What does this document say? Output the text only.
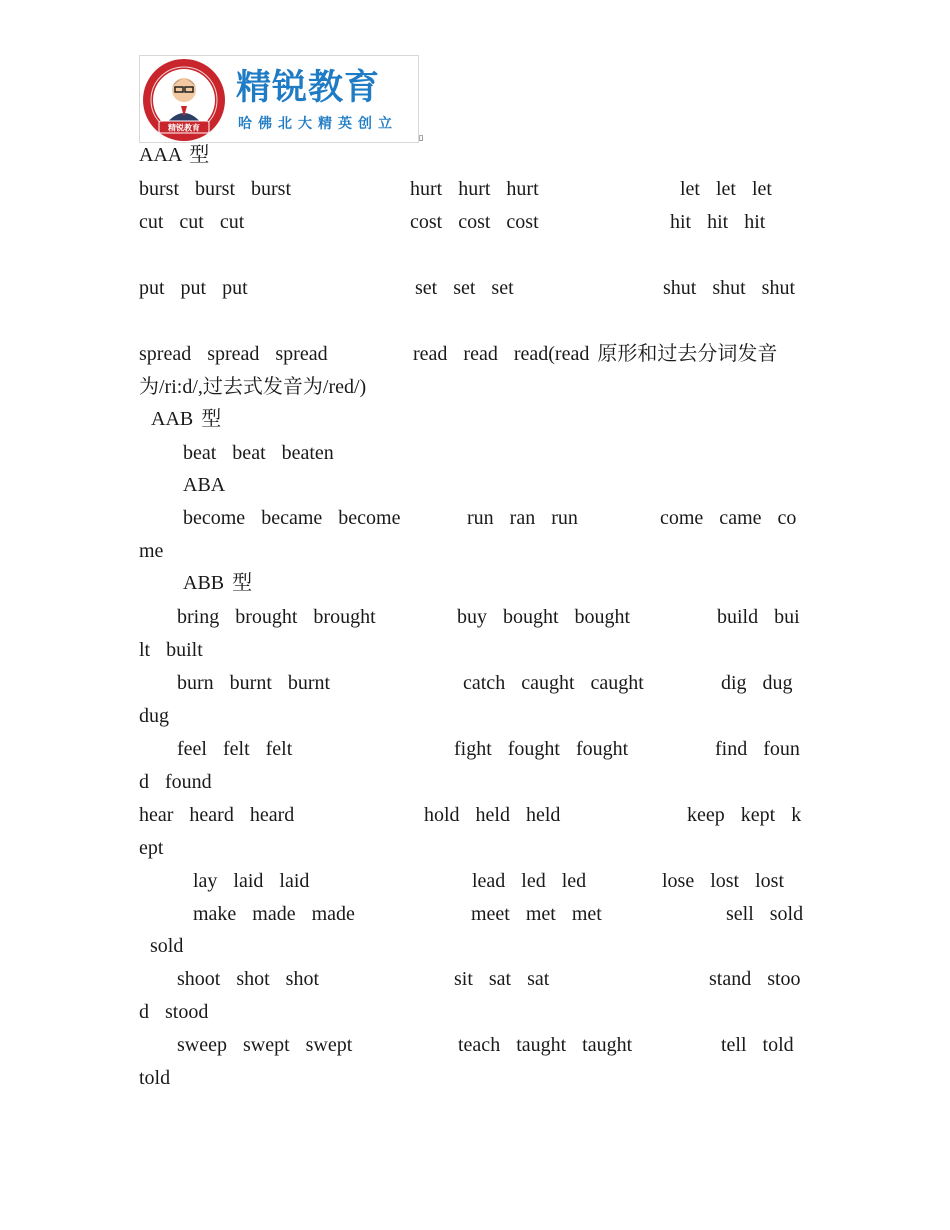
精锐教育
精锐教育
哈佛北大精英创立
▯
AAA 型
burst  burst  burst	hurt  hurt  hurt	let  let  let
cut  cut  cut	cost  cost  cost	hit  hit  hit
put  put  put	set  set  set	shut  shut  shut
spread  spread  spread	read  read  read(read 原形和过去分词发音
为/ri:d/,过去式发音为/red/)
AAB 型
beat  beat  beaten
ABA
become  became  become	run  ran  run	come  came  co
me
ABB 型
bring  brought  brought	buy  bought  bought	build  bui
lt  built
burn  burnt  burnt	catch  caught  caught	dig  dug
dug
feel  felt  felt	fight  fought  fought	find  foun
d  found
hear  heard  heard	hold  held  held	keep  kept  k
ept
lay  laid  laid	lead  led  led	lose  lost  lost
make  made  made	meet  met  met	sell  sold
sold
shoot  shot  shot	sit  sat  sat	stand  stoo
d  stood
sweep  swept  swept	teach  taught  taught	tell  told
told
